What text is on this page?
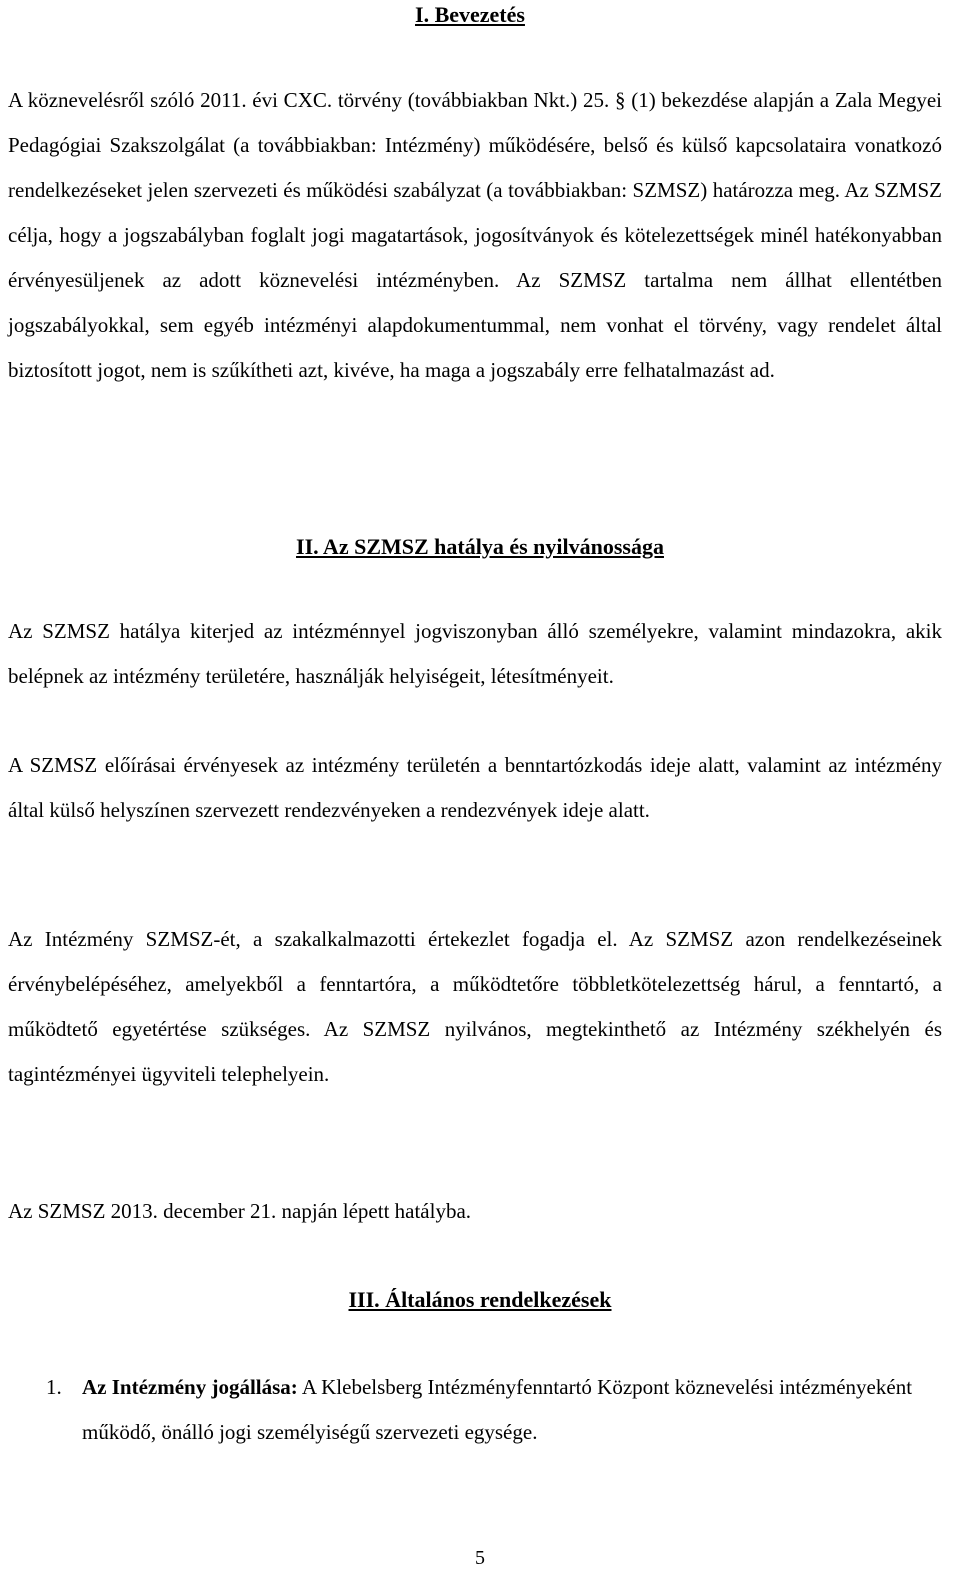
I. Bevezetés
A köznevelésről szóló 2011. évi CXC. törvény (továbbiakban Nkt.) 25. § (1) bekezdése alapján a Zala Megyei Pedagógiai Szakszolgálat (a továbbiakban: Intézmény) működésére, belső és külső kapcsolataira vonatkozó rendelkezéseket jelen szervezeti és működési szabályzat (a továbbiakban: SZMSZ) határozza meg. Az SZMSZ célja, hogy a jogszabályban foglalt jogi magatartások, jogosítványok és kötelezettségek minél hatékonyabban érvényesüljenek az adott köznevelési intézményben. Az SZMSZ tartalma nem állhat ellentétben jogszabályokkal, sem egyéb intézményi alapdokumentummal, nem vonhat el törvény, vagy rendelet által biztosított jogot, nem is szűkítheti azt, kivéve, ha maga a jogszabály erre felhatalmazást ad.
II. Az SZMSZ hatálya és nyilvánossága
Az SZMSZ hatálya kiterjed az intézménnyel jogviszonyban álló személyekre, valamint mindazokra, akik belépnek az intézmény területére, használják helyiségeit, létesítményeit.
A SZMSZ előírásai érvényesek az intézmény területén a benntartózkodás ideje alatt, valamint az intézmény által külső helyszínen szervezett rendezvényeken a rendezvények ideje alatt.
Az Intézmény SZMSZ-ét, a szakalkalmazotti értekezlet fogadja el. Az SZMSZ azon rendelkezéseinek érvénybelépéséhez, amelyekből a fenntartóra, a működtetőre többletkötelezettség hárul, a fenntartó, a működtető egyetértése szükséges. Az SZMSZ nyilvános, megtekinthető az Intézmény székhelyén és tagintézményei ügyviteli telephelyein.
Az SZMSZ 2013. december 21. napján lépett hatályba.
III. Általános rendelkezések
1. Az Intézmény jogállása: A Klebelsberg Intézményfenntartó Központ köznevelési intézményeként működő, önálló jogi személyiségű szervezeti egysége.
5
